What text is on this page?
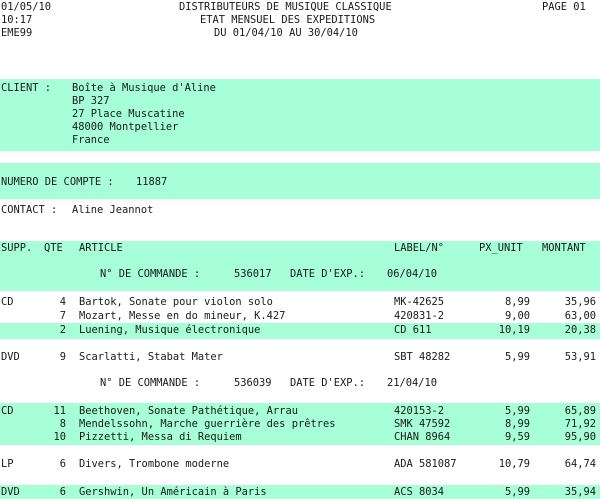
01/05/10
10:17
EME99
DISTRIBUTEURS DE MUSIQUE CLASSIQUE
ETAT MENSUEL DES EXPEDITIONS
DU 01/04/10 AU 30/04/10
PAGE 01
CLIENT : Boîte à Musique d'Aline
BP 327
27 Place Muscatine
48000 Montpellier
France
NUMERO DE COMPTE : 11887
CONTACT : Aline Jeannot
SUPP. QTE ARTICLE	LABEL/N°	PX_UNIT MONTANT
N° DE COMMANDE :	536017 DATE D'EXP.: 06/04/10
CD	4 Bartok, Sonate pour violon solo	MK-42625	8,99	35,96
7 Mozart, Messe en do mineur, K.427	420831-2	9,00	63,00
2 Luening, Musique électronique	CD 611	10,19	20,38
DVD	9 Scarlatti, Stabat Mater	SBT 48282	5,99	53,91
N° DE COMMANDE :	536039 DATE D'EXP.: 21/04/10
CD	11 Beethoven, Sonate Pathétique, Arrau	420153-2	5,99	65,89
8 Mendelssohn, Marche guerrière des prêtres	SMK 47592	8,99	71,92
10 Pizzetti, Messa di Requiem	CHAN 8964	9,59	95,90
LP	6 Divers, Trombone moderne	ADA 581087	10,79	64,74
DVD	6 Gershwin, Un Américain à Paris	ACS 8034	5,99	35,94
